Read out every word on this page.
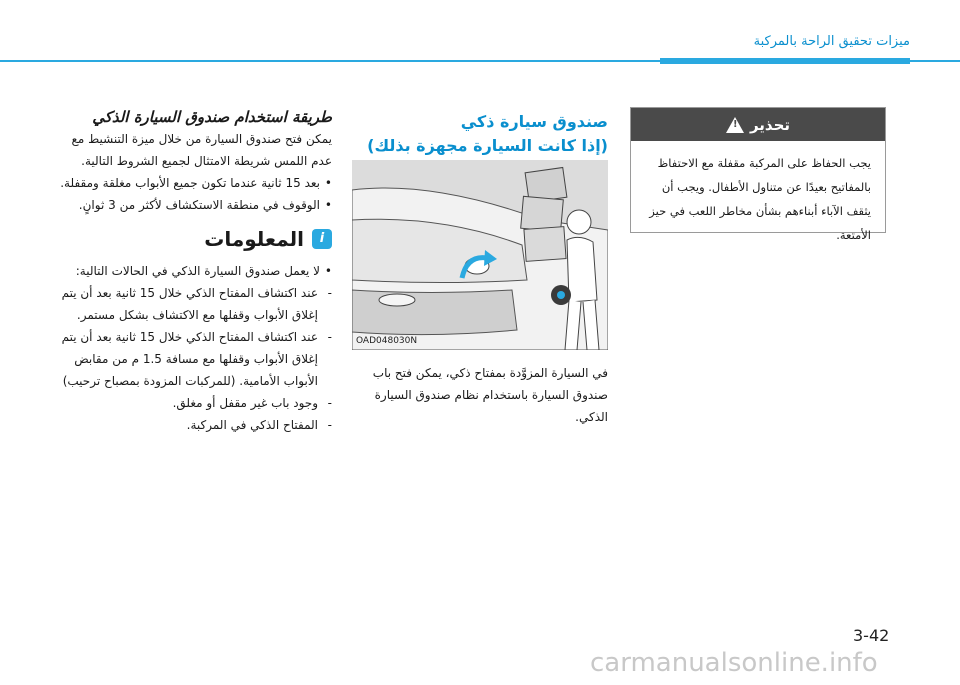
ميزات تحقيق الراحة بالمركبة
تحذير
!
يجب الحفاظ على المركبة مقفلة مع الاحتفاظ بالمفاتيح بعيدًا عن متناول الأطفال. ويجب أن يثقف الآباء أبناءهم بشأن مخاطر اللعب في حيز الأمتعة.
صندوق سيارة ذكي
(إذا كانت السيارة مجهزة بذلك)
OAD048030N
في السيارة المزوَّدة بمفتاح ذكي، يمكن فتح باب صندوق السيارة باستخدام نظام صندوق السيارة الذكي.
طريقة استخدام صندوق السيارة الذكي
يمكن فتح صندوق السيارة من خلال ميزة التنشيط مع عدم اللمس شريطة الامتثال لجميع الشروط التالية.
• بعد 15 ثانية عندما تكون جميع الأبواب مغلقة ومقفلة.
• الوقوف في منطقة الاستكشاف لأكثر من 3 ثوانٍ.
i
المعلومات
• لا يعمل صندوق السيارة الذكي في الحالات التالية:
- عند اكتشاف المفتاح الذكي خلال 15 ثانية بعد أن يتم إغلاق الأبواب وقفلها مع الاكتشاف بشكل مستمر.
- عند اكتشاف المفتاح الذكي خلال 15 ثانية بعد أن يتم إغلاق الأبواب وقفلها مع مسافة 1.5 م من مقابض الأبواب الأمامية. (للمركبات المزودة بمصباح ترحيب)
- وجود باب غير مقفل أو مغلق.
- المفتاح الذكي في المركبة.
3-42
carmanualsonline.info
